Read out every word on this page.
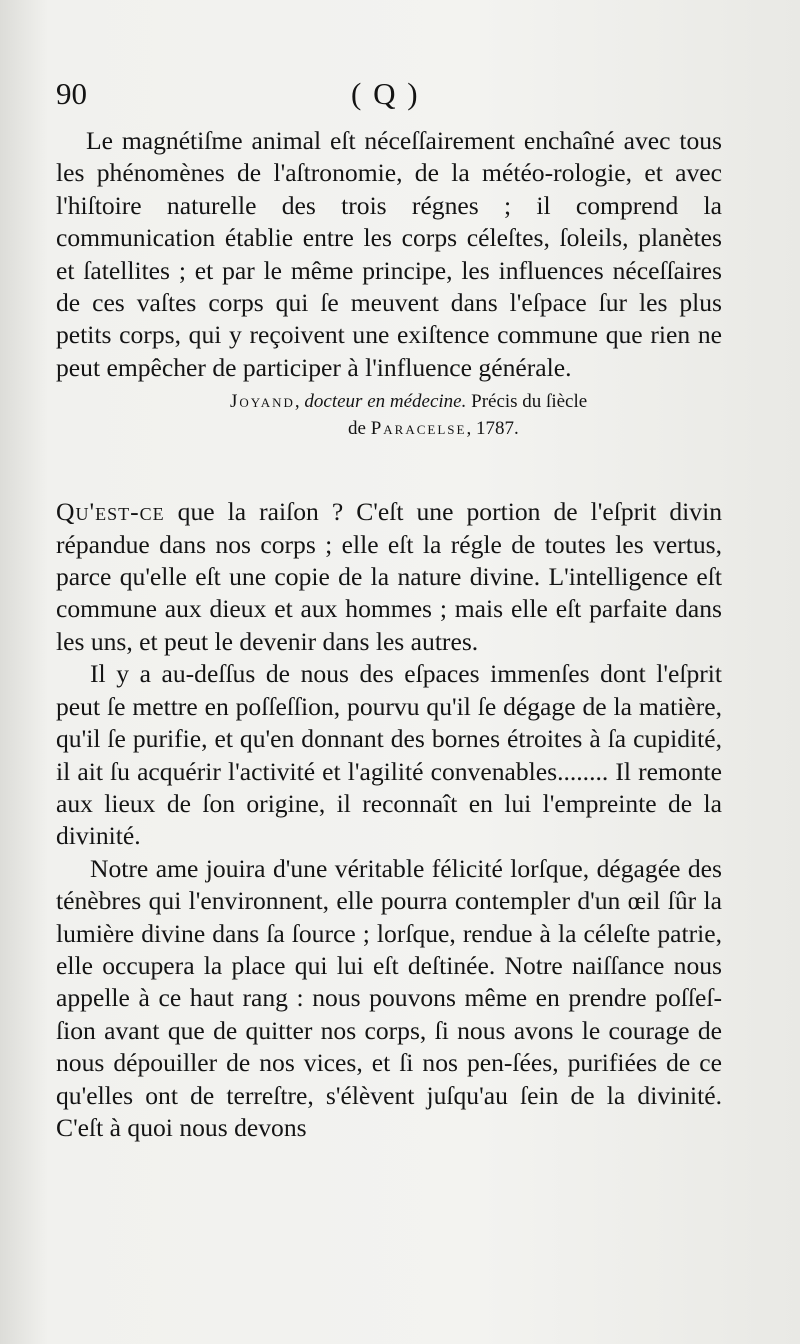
90	( Q )

Le magnétiſme animal eſt néceſſairement enchaîné avec tous les phénomènes de l'aſtronomie, de la météo-rologie, et avec l'hiſtoire naturelle des trois régnes ; il comprend la communication établie entre les corps céleſtes, ſoleils, planètes et ſatellites ; et par le même principe, les influences néceſſaires de ces vaſtes corps qui ſe meuvent dans l'eſpace ſur les plus petits corps, qui y reçoivent une exiſtence commune que rien ne peut empêcher de participer à l'influence générale.

Joyand, docteur en médecine. Précis du ſiècle
de Paracelse, 1787.

Qu'est-ce que la raiſon ? C'eſt une portion de l'eſprit divin répandue dans nos corps ; elle eſt la régle de toutes les vertus, parce qu'elle eſt une copie de la nature divine. L'intelligence eſt commune aux dieux et aux hommes ; mais elle eſt parfaite dans les uns, et peut le devenir dans les autres.

Il y a au-deſſus de nous des eſpaces immenſes dont l'eſprit peut ſe mettre en poſſeſſion, pourvu qu'il ſe dégage de la matière, qu'il ſe purifie, et qu'en donnant des bornes étroites à ſa cupidité, il ait ſu acquérir l'activité et l'agilité convenables........ Il remonte aux lieux de ſon origine, il reconnaît en lui l'empreinte de la divinité.

Notre ame jouira d'une véritable félicité lorſque, dégagée des ténèbres qui l'environnent, elle pourra contempler d'un œil ſûr la lumière divine dans ſa ſource ; lorſque, rendue à la céleſte patrie, elle occupera la place qui lui eſt deſtinée. Notre naiſſance nous appelle à ce haut rang : nous pouvons même en prendre poſſeſ-ſion avant que de quitter nos corps, ſi nous avons le courage de nous dépouiller de nos vices, et ſi nos pen-ſées, purifiées de ce qu'elles ont de terreſtre, s'élèvent juſqu'au ſein de la divinité. C'eſt à quoi nous devons
